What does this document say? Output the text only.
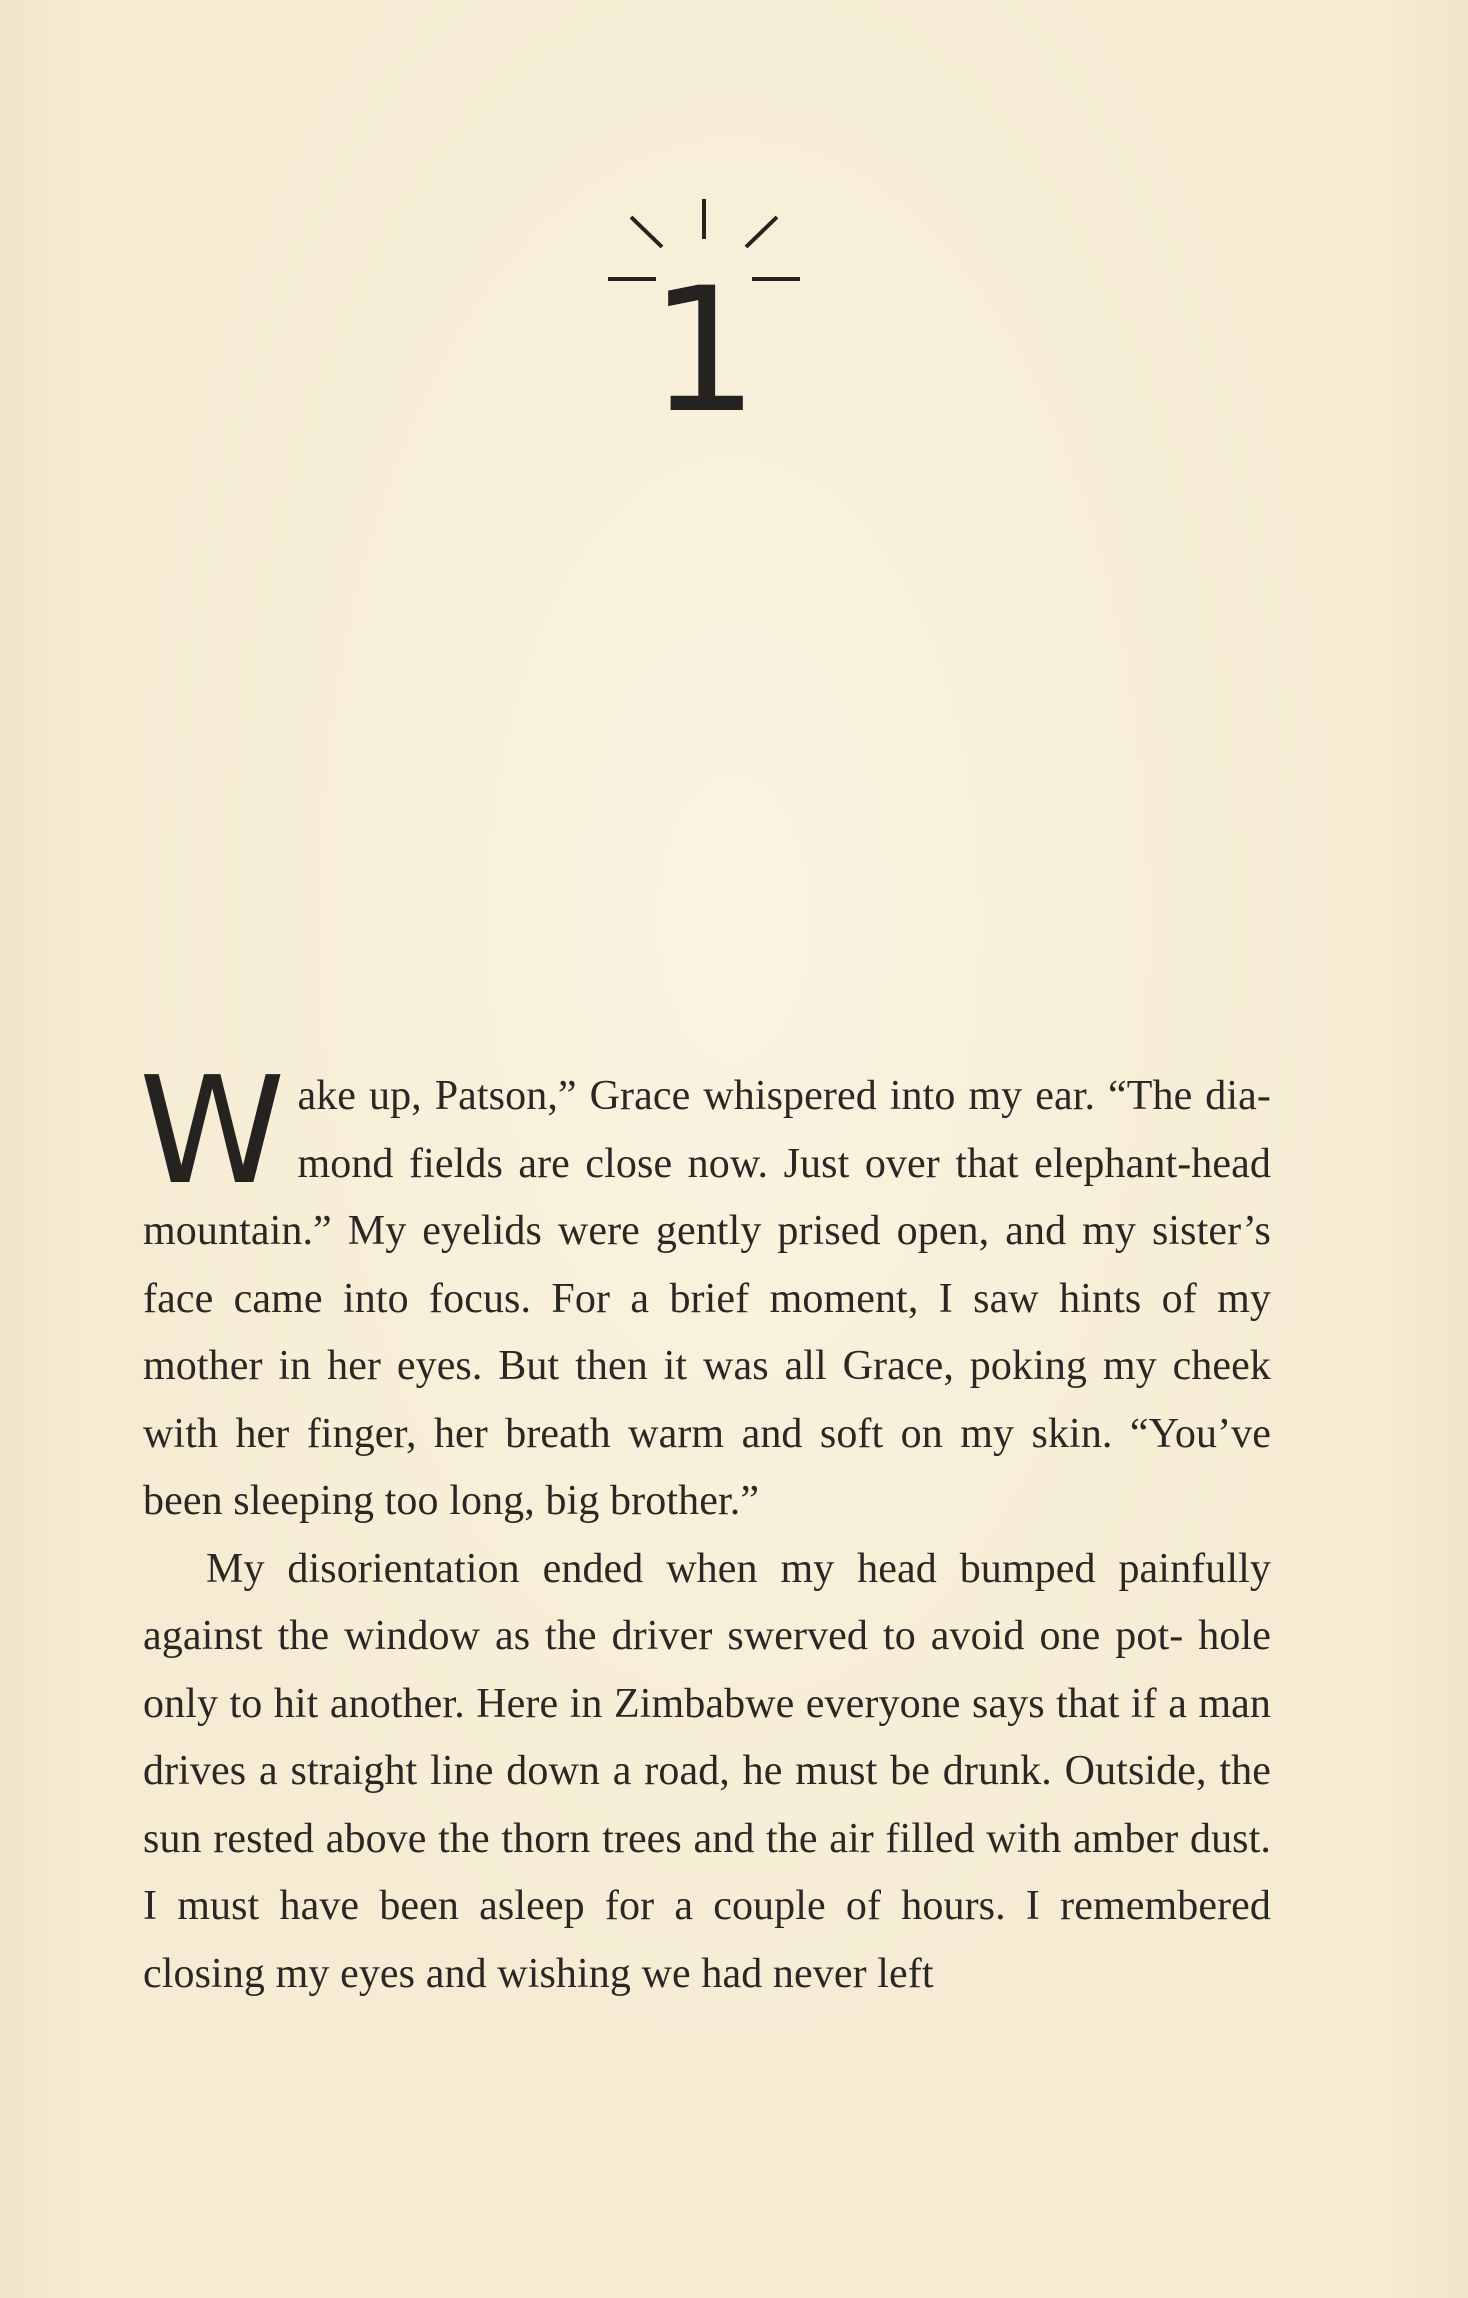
1

Wake up, Patson,” Grace whispered into my ear. “The dia- mond fields are close now. Just over that elephant-head mountain.” My eyelids were gently prised open, and my sister’s face came into focus. For a brief moment, I saw hints of my mother in her eyes. But then it was all Grace, poking my cheek with her finger, her breath warm and soft on my skin. “You’ve been sleeping too long, big brother.”

My disorientation ended when my head bumped painfully against the window as the driver swerved to avoid one pot- hole only to hit another. Here in Zimbabwe everyone says that if a man drives a straight line down a road, he must be drunk. Outside, the sun rested above the thorn trees and the air filled with amber dust. I must have been asleep for a couple of hours. I remembered closing my eyes and wishing we had never left
